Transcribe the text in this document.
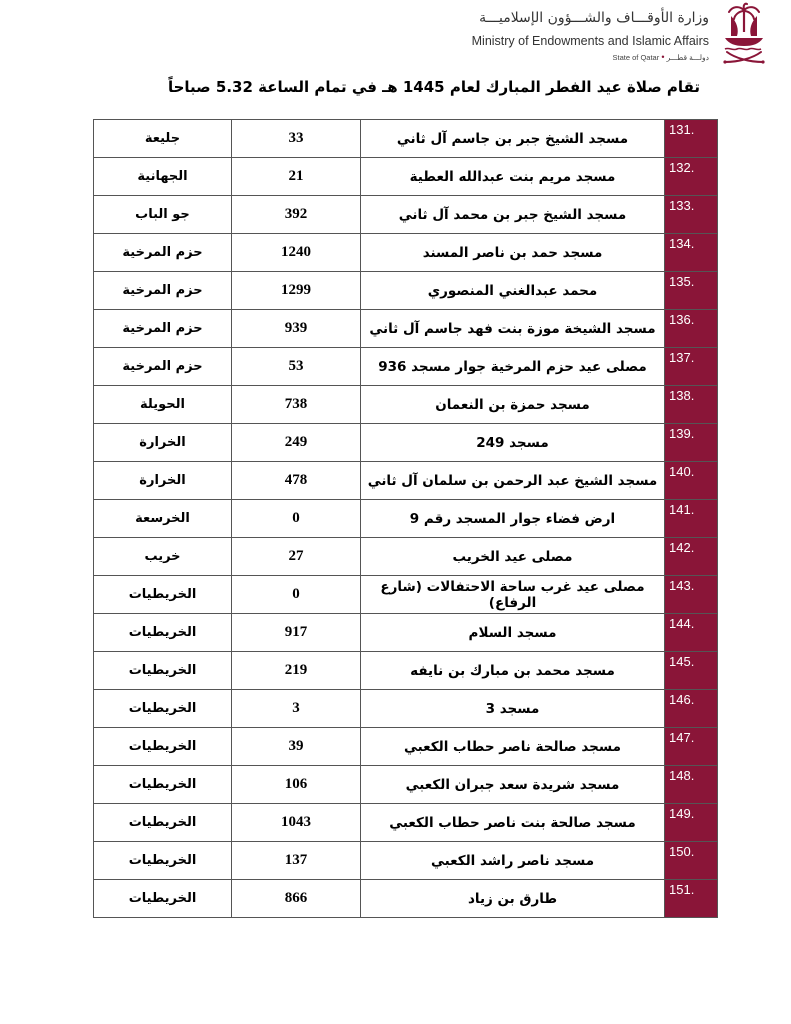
وزارة الأوقـــاف والشـــؤون الإسلاميـــة
Ministry of Endowments and Islamic Affairs
State of Qatar • دولـــة قطـــر
تقام صلاة عيد الفطر المبارك لعام 1445 هـ في تمام الساعة 5.32 صباحاً
جليعة	33	مسجد الشيخ جبر بن جاسم آل ثاني	131.
الجهانية	21	مسجد مريم بنت عبدالله العطية	132.
جو الباب	392	مسجد الشيخ جبر بن محمد آل ثاني	133.
حزم المرخية	1240	مسجد حمد بن ناصر المسند	134.
حزم المرخية	1299	محمد عبدالغني المنصوري	135.
حزم المرخية	939	مسجد الشيخة موزة بنت فهد جاسم آل ثاني	136.
حزم المرخية	53	مصلى عيد حزم المرخية جوار مسجد 936	137.
الحويلة	738	مسجد حمزة بن النعمان	138.
الخرارة	249	مسجد 249	139.
الخرارة	478	مسجد الشيخ عبد الرحمن بن سلمان آل ثاني	140.
الخرسعة	0	ارض فضاء جوار المسجد رقم 9	141.
خريب	27	مصلى عيد الخريب	142.
الخريطيات	0	مصلى عيد غرب ساحة الاحتفالات (شارع الرفاع)	143.
الخريطيات	917	مسجد السلام	144.
الخريطيات	219	مسجد محمد بن مبارك بن نايفه	145.
الخريطيات	3	مسجد 3	146.
الخريطيات	39	مسجد صالحة ناصر حطاب الكعبي	147.
الخريطيات	106	مسجد شريدة سعد جبران الكعبي	148.
الخريطيات	1043	مسجد صالحة بنت ناصر حطاب الكعبي	149.
الخريطيات	137	مسجد ناصر راشد الكعبي	150.
الخريطيات	866	طارق بن زياد	151.
